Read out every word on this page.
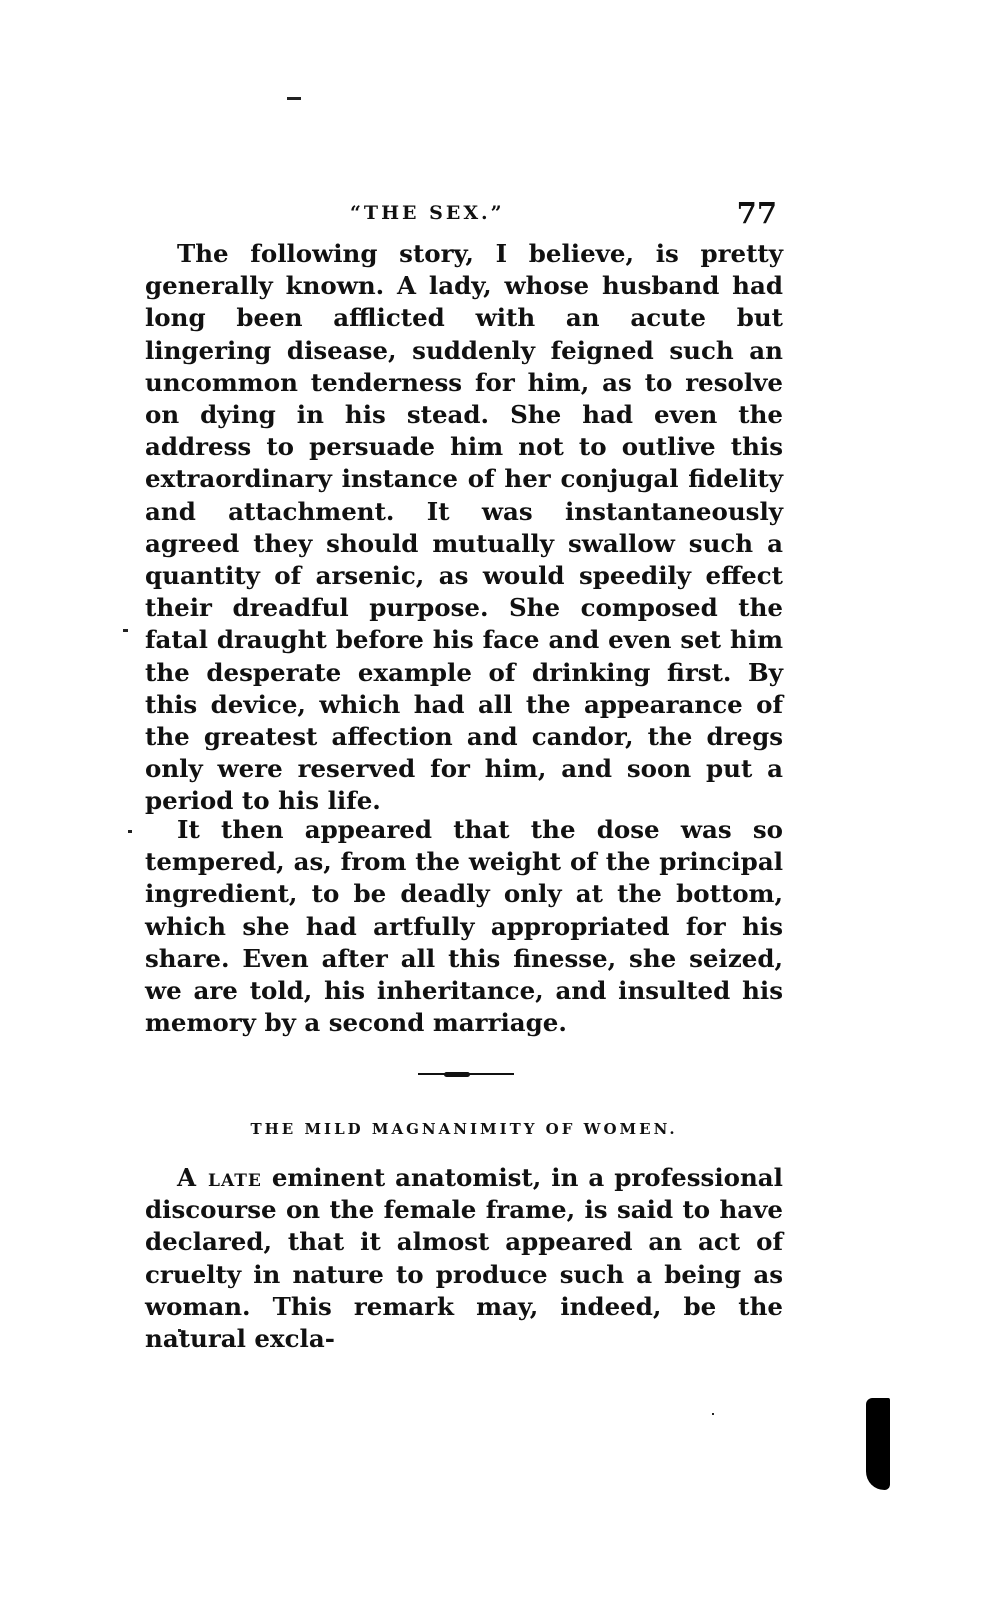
“THE SEX.”	77

The following story, I believe, is pretty generally known. A lady, whose husband had long been afflicted with an acute but lingering disease, suddenly feigned such an uncommon tenderness for him, as to resolve on dying in his stead. She had even the address to persuade him not to outlive this extraordinary instance of her conjugal fidelity and attachment. It was instantaneously agreed they should mutually swallow such a quantity of arsenic, as would speedily effect their dreadful purpose. She composed the fatal draught before his face and even set him the desperate example of drinking first. By this device, which had all the appearance of the greatest affection and candor, the dregs only were reserved for him, and soon put a period to his life.

It then appeared that the dose was so tempered, as, from the weight of the principal ingredient, to be deadly only at the bottom, which she had artfully appropriated for his share. Even after all this finesse, she seized, we are told, his inheritance, and insulted his memory by a second marriage.

THE MILD MAGNANIMITY OF WOMEN.

A late eminent anatomist, in a professional discourse on the female frame, is said to have declared, that it almost appeared an act of cruelty in nature to produce such a being as woman. This remark may, indeed, be the natural excla-
